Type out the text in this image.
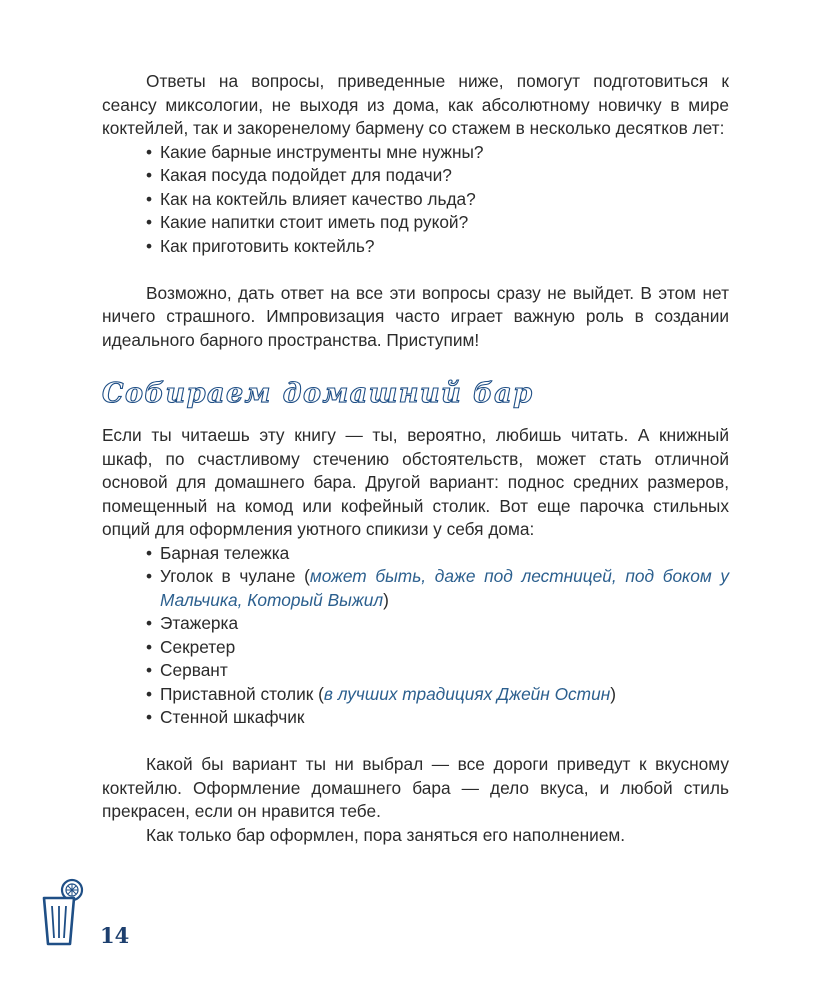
Ответы на вопросы, приведенные ниже, помогут подготовиться к сеансу миксологии, не выходя из дома, как абсолютному новичку в мире коктейлей, так и закоренелому бармену со стажем в несколько десятков лет:

• Какие барные инструменты мне нужны?
• Какая посуда подойдет для подачи?
• Как на коктейль влияет качество льда?
• Какие напитки стоит иметь под рукой?
• Как приготовить коктейль?

Возможно, дать ответ на все эти вопросы сразу не выйдет. В этом нет ничего страшного. Импровизация часто играет важную роль в создании идеального барного пространства. Приступим!

Собираем домашний бар

Если ты читаешь эту книгу — ты, вероятно, любишь читать. А книжный шкаф, по счастливому стечению обстоятельств, может стать отличной основой для домашнего бара. Другой вариант: поднос средних размеров, помещенный на комод или кофейный столик. Вот еще парочка стильных опций для оформления уютного спикизи у себя дома:

• Барная тележка
• Уголок в чулане (может быть, даже под лестницей, под боком у Мальчика, Который Выжил)
• Этажерка
• Секретер
• Сервант
• Приставной столик (в лучших традициях Джейн Остин)
• Стенной шкафчик

Какой бы вариант ты ни выбрал — все дороги приведут к вкусному коктейлю. Оформление домашнего бара — дело вкуса, и любой стиль прекрасен, если он нравится тебе.

Как только бар оформлен, пора заняться его наполнением.

14
